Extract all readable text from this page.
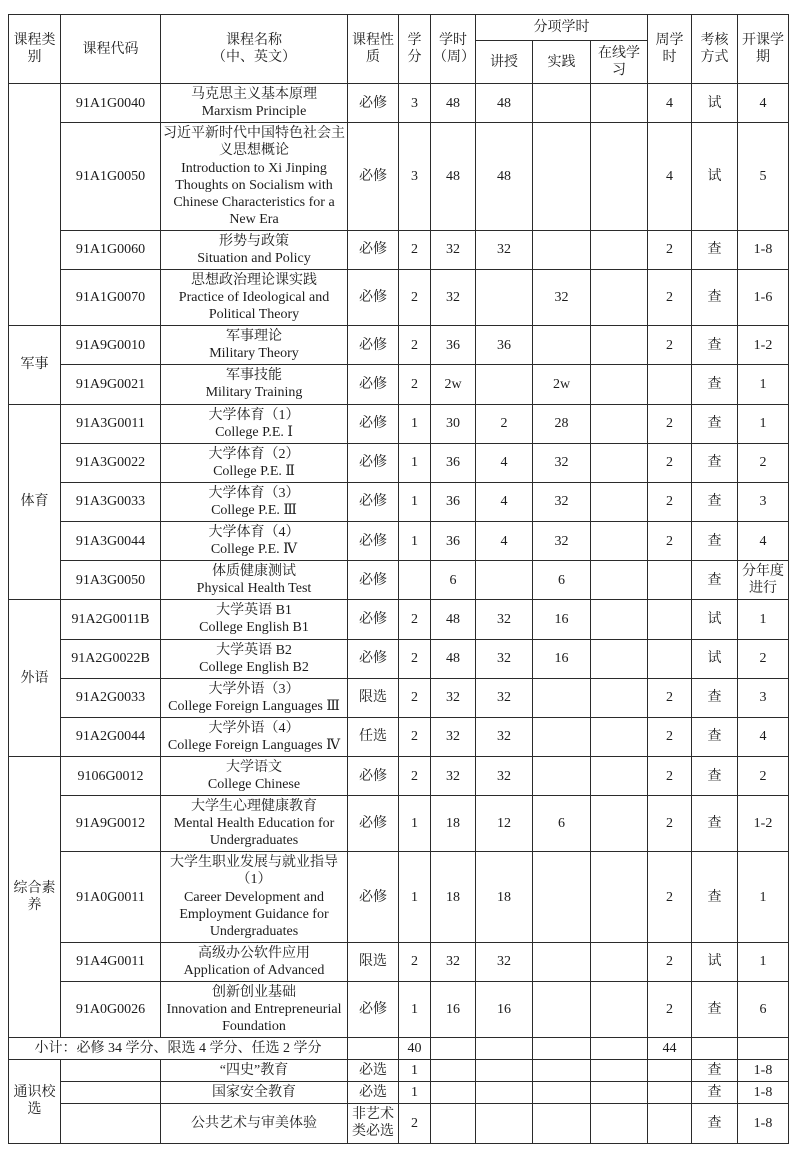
课程类别	课程代码	课程名称
（中、英文）	课程性质	学分	学时（周）	分项学时			周学时	考核方式	开课学期
						讲授	实践	在线学习			
	91A1G0040	马克思主义基本原理
Marxism Principle	必修	3	48	48			4	试	4
	91A1G0050	习近平新时代中国特色社会主义思想概论
Introduction to Xi Jinping Thoughts on Socialism with Chinese Characteristics for a New Era	必修	3	48	48			4	试	5
	91A1G0060	形势与政策
Situation and Policy	必修	2	32	32			2	查	1-8
	91A1G0070	思想政治理论课实践
Practice of Ideological and Political Theory	必修	2	32		32		2	查	1-6
军事	91A9G0010	军事理论
Military Theory	必修	2	36	36			2	查	1-2
	91A9G0021	军事技能
Military Training	必修	2	2w		2w			查	1
体育	91A3G0011	大学体育（1）
College P.E. Ⅰ	必修	1	30	2	28		2	查	1
	91A3G0022	大学体育（2）
College P.E. Ⅱ	必修	1	36	4	32		2	查	2
	91A3G0033	大学体育（3）
College P.E. Ⅲ	必修	1	36	4	32		2	查	3
	91A3G0044	大学体育（4）
College P.E. Ⅳ	必修	1	36	4	32		2	查	4
	91A3G0050	体质健康测试
Physical Health Test	必修		6		6			查	分年度进行
外语	91A2G0011B	大学英语 B1
College English B1	必修	2	48	32	16			试	1
	91A2G0022B	大学英语 B2
College English B2	必修	2	48	32	16			试	2
	91A2G0033	大学外语（3）
College Foreign Languages Ⅲ	限选	2	32	32			2	查	3
	91A2G0044	大学外语（4）
College Foreign Languages Ⅳ	任选	2	32	32			2	查	4
综合素养	9106G0012	大学语文
College Chinese	必修	2	32	32			2	查	2
	91A9G0012	大学生心理健康教育
Mental Health Education for Undergraduates	必修	1	18	12	6		2	查	1-2
	91A0G0011	大学生职业发展与就业指导（1）
Career Development and Employment Guidance for Undergraduates	必修	1	18	18			2	查	1
	91A4G0011	高级办公软件应用
Application of Advanced	限选	2	32	32			2	试	1
	91A0G0026	创新创业基础
Innovation and Entrepreneurial Foundation	必修	1	16	16			2	查	6
小计：必修 34 学分、限选 4 学分、任选 2 学分				40					44		
通识校选		“四史”教育	必选	1						查	1-8

		国家安全教育	必选	1						查	1-8

		公共艺术与审美体验	非艺术类必选	2						查	1-8
